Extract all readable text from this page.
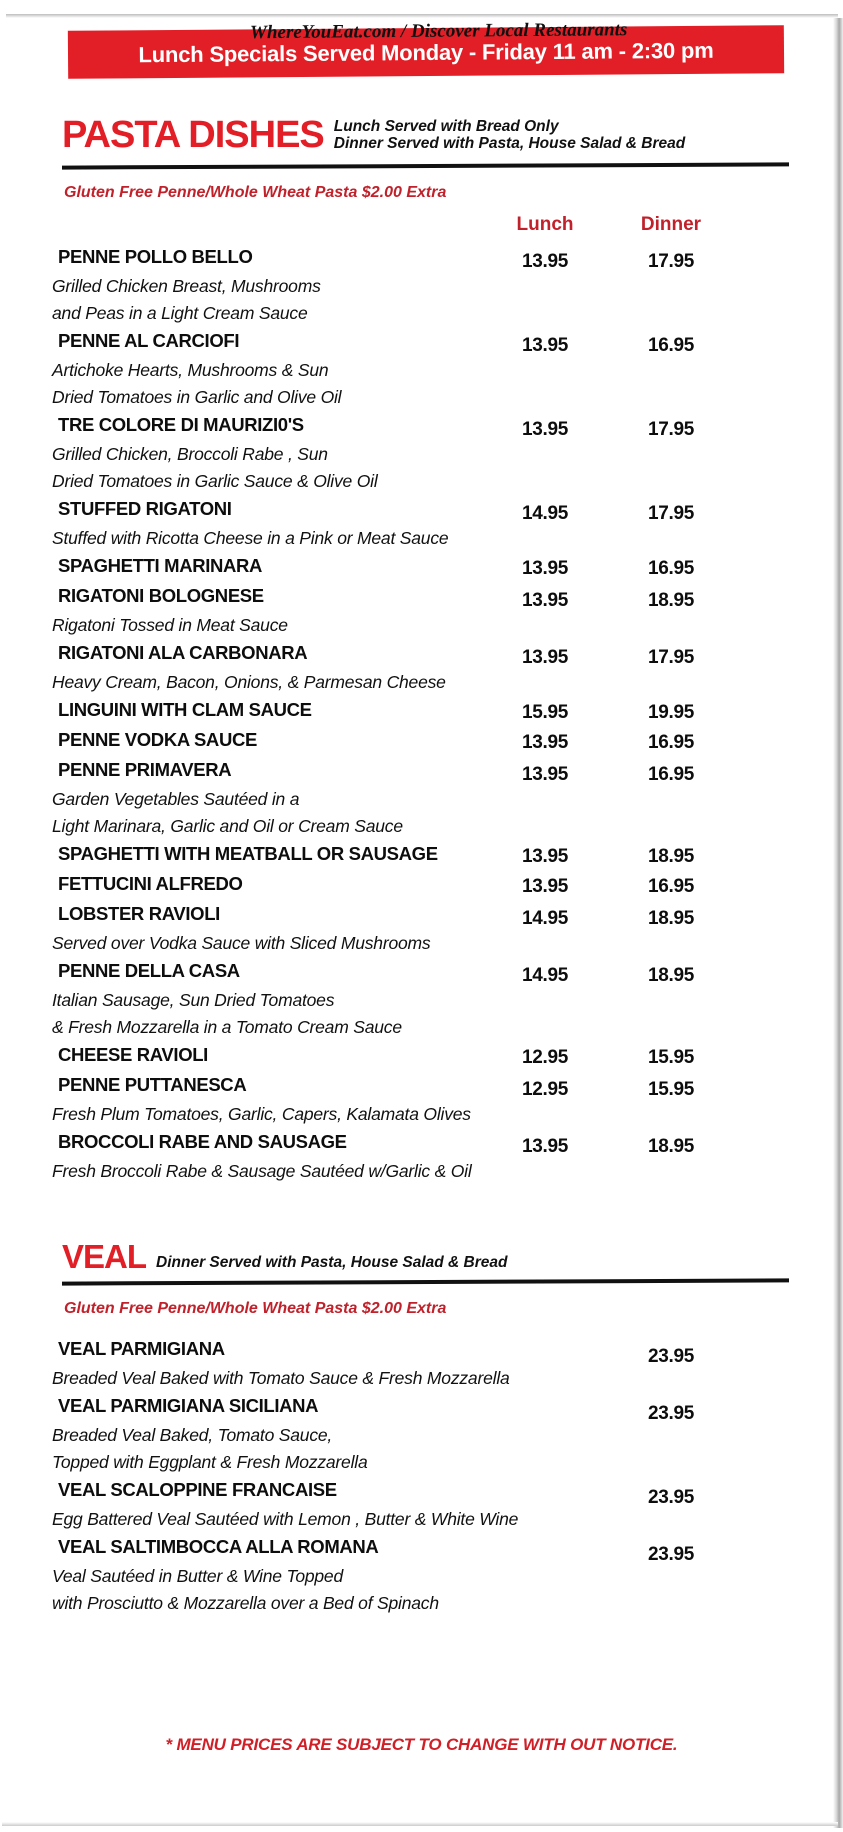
Lunch Specials Served Monday - Friday 11 am - 2:30 pm
WhereYouEat.com / Discover Local Restaurants
PASTA DISHES Lunch Served with Bread Only
Dinner Served with Pasta, House Salad & Bread
Gluten Free Penne/Whole Wheat Pasta $2.00 Extra
Lunch	Dinner
PENNE POLLO BELLO	13.95	17.95
Grilled Chicken Breast, Mushrooms
and Peas in a Light Cream Sauce
PENNE AL CARCIOFI	13.95	16.95
Artichoke Hearts, Mushrooms & Sun
Dried Tomatoes in Garlic and Olive Oil
TRE COLORE DI MAURIZI0'S	13.95	17.95
Grilled Chicken, Broccoli Rabe , Sun
Dried Tomatoes in Garlic Sauce & Olive Oil
STUFFED RIGATONI	14.95	17.95
Stuffed with Ricotta Cheese in a Pink or Meat Sauce
SPAGHETTI MARINARA	13.95	16.95
RIGATONI BOLOGNESE	13.95	18.95
Rigatoni Tossed in Meat Sauce
RIGATONI ALA CARBONARA	13.95	17.95
Heavy Cream, Bacon, Onions, & Parmesan Cheese
LINGUINI WITH CLAM SAUCE	15.95	19.95
PENNE VODKA SAUCE	13.95	16.95
PENNE PRIMAVERA	13.95	16.95
Garden Vegetables Sautéed in a
Light Marinara, Garlic and Oil or Cream Sauce
SPAGHETTI WITH MEATBALL OR SAUSAGE	13.95	18.95
FETTUCINI ALFREDO	13.95	16.95
LOBSTER RAVIOLI	14.95	18.95
Served over Vodka Sauce with Sliced Mushrooms
PENNE DELLA CASA	14.95	18.95
Italian Sausage, Sun Dried Tomatoes
& Fresh Mozzarella in a Tomato Cream Sauce
CHEESE RAVIOLI	12.95	15.95
PENNE PUTTANESCA	12.95	15.95
Fresh Plum Tomatoes, Garlic, Capers, Kalamata Olives
BROCCOLI RABE AND SAUSAGE	13.95	18.95
Fresh Broccoli Rabe & Sausage Sautéed w/Garlic & Oil
VEAL Dinner Served with Pasta, House Salad & Bread
Gluten Free Penne/Whole Wheat Pasta $2.00 Extra
VEAL PARMIGIANA	23.95
Breaded Veal Baked with Tomato Sauce & Fresh Mozzarella
VEAL PARMIGIANA SICILIANA	23.95
Breaded Veal Baked, Tomato Sauce,
Topped with Eggplant & Fresh Mozzarella
VEAL SCALOPPINE FRANCAISE	23.95
Egg Battered Veal Sautéed with Lemon , Butter & White Wine
VEAL SALTIMBOCCA ALLA ROMANA	23.95
Veal Sautéed in Butter & Wine Topped
with Prosciutto & Mozzarella over a Bed of Spinach
* MENU PRICES ARE SUBJECT TO CHANGE WITH OUT NOTICE.
